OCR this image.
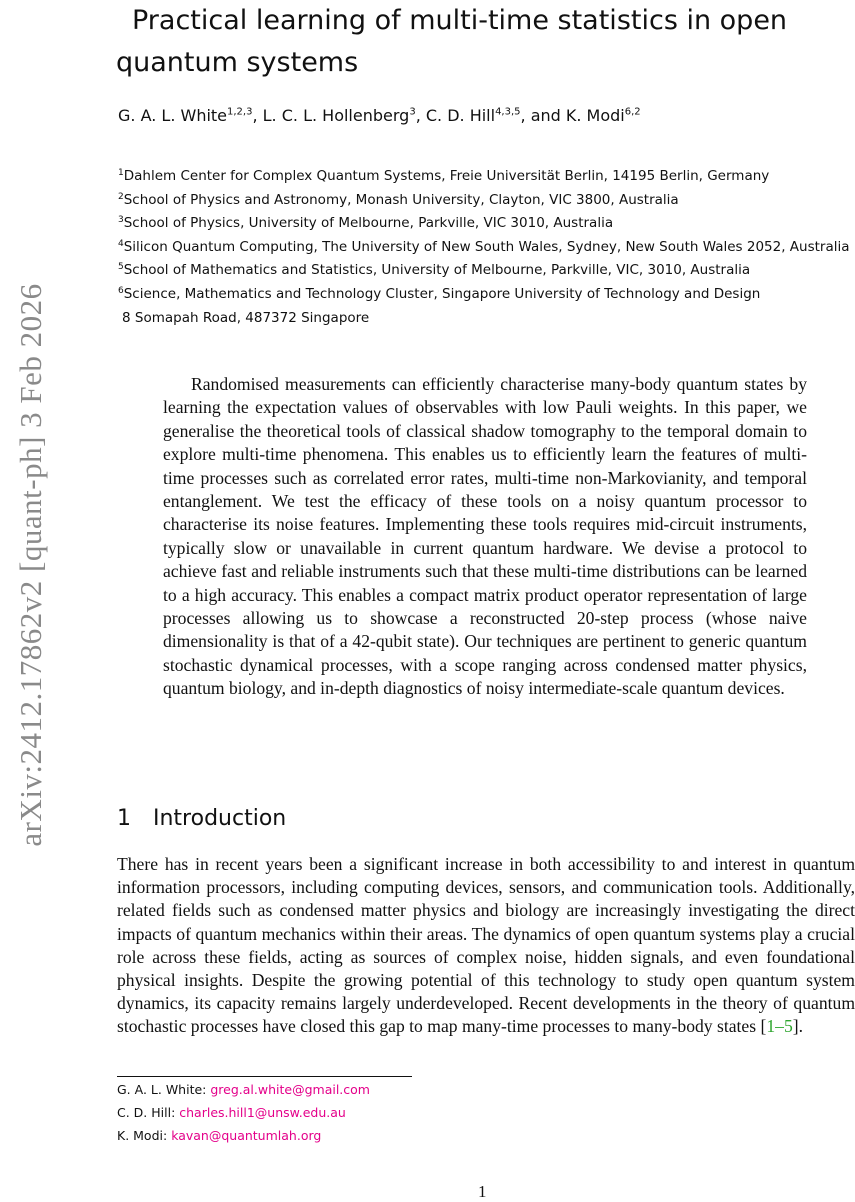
arXiv:2412.17862v2 [quant-ph] 3 Feb 2026
Practical learning of multi-time statistics in open quantum systems
G. A. L. White$^{1,2,3}$, L. C. L. Hollenberg$^3$, C. D. Hill$^{4,3,5}$, and K. Modi$^{6,2}$
$^1$Dahlem Center for Complex Quantum Systems, Freie Universität Berlin, 14195 Berlin, Germany
$^2$School of Physics and Astronomy, Monash University, Clayton, VIC 3800, Australia
$^3$School of Physics, University of Melbourne, Parkville, VIC 3010, Australia
$^4$Silicon Quantum Computing, The University of New South Wales, Sydney, New South Wales 2052, Australia
$^5$School of Mathematics and Statistics, University of Melbourne, Parkville, VIC, 3010, Australia
$^6$Science, Mathematics and Technology Cluster, Singapore University of Technology and Design
8 Somapah Road, 487372 Singapore

Randomised measurements can efficiently characterise many-body quantum states by learning the expectation values of observables with low Pauli weights. In this paper, we generalise the theoretical tools of classical shadow tomography to the temporal domain to explore multi-time phenomena. This enables us to efficiently learn the features of multi-time processes such as correlated error rates, multi-time non-Markovianity, and temporal entanglement. We test the efficacy of these tools on a noisy quantum processor to characterise its noise features. Implementing these tools requires mid-circuit instruments, typically slow or unavailable in current quantum hardware. We devise a protocol to achieve fast and reliable instruments such that these multi-time distributions can be learned to a high accuracy. This enables a compact matrix product operator representation of large processes allowing us to showcase a reconstructed 20-step process (whose naive dimensionality is that of a 42-qubit state). Our techniques are pertinent to generic quantum stochastic dynamical processes, with a scope ranging across condensed matter physics, quantum biology, and in-depth diagnostics of noisy intermediate-scale quantum devices.

1 Introduction

There has in recent years been a significant increase in both accessibility to and interest in quantum information processors, including computing devices, sensors, and communication tools. Additionally, related fields such as condensed matter physics and biology are increasingly investigating the direct impacts of quantum mechanics within their areas. The dynamics of open quantum systems play a crucial role across these fields, acting as sources of complex noise, hidden signals, and even foundational physical insights. Despite the growing potential of this technology to study open quantum system dynamics, its capacity remains largely underdeveloped. Recent developments in the theory of quantum stochastic processes have closed this gap to map many-time processes to many-body states [1–5].

G. A. L. White: greg.al.white@gmail.com
C. D. Hill: charles.hill1@unsw.edu.au
K. Modi: kavan@quantumlah.org
1
